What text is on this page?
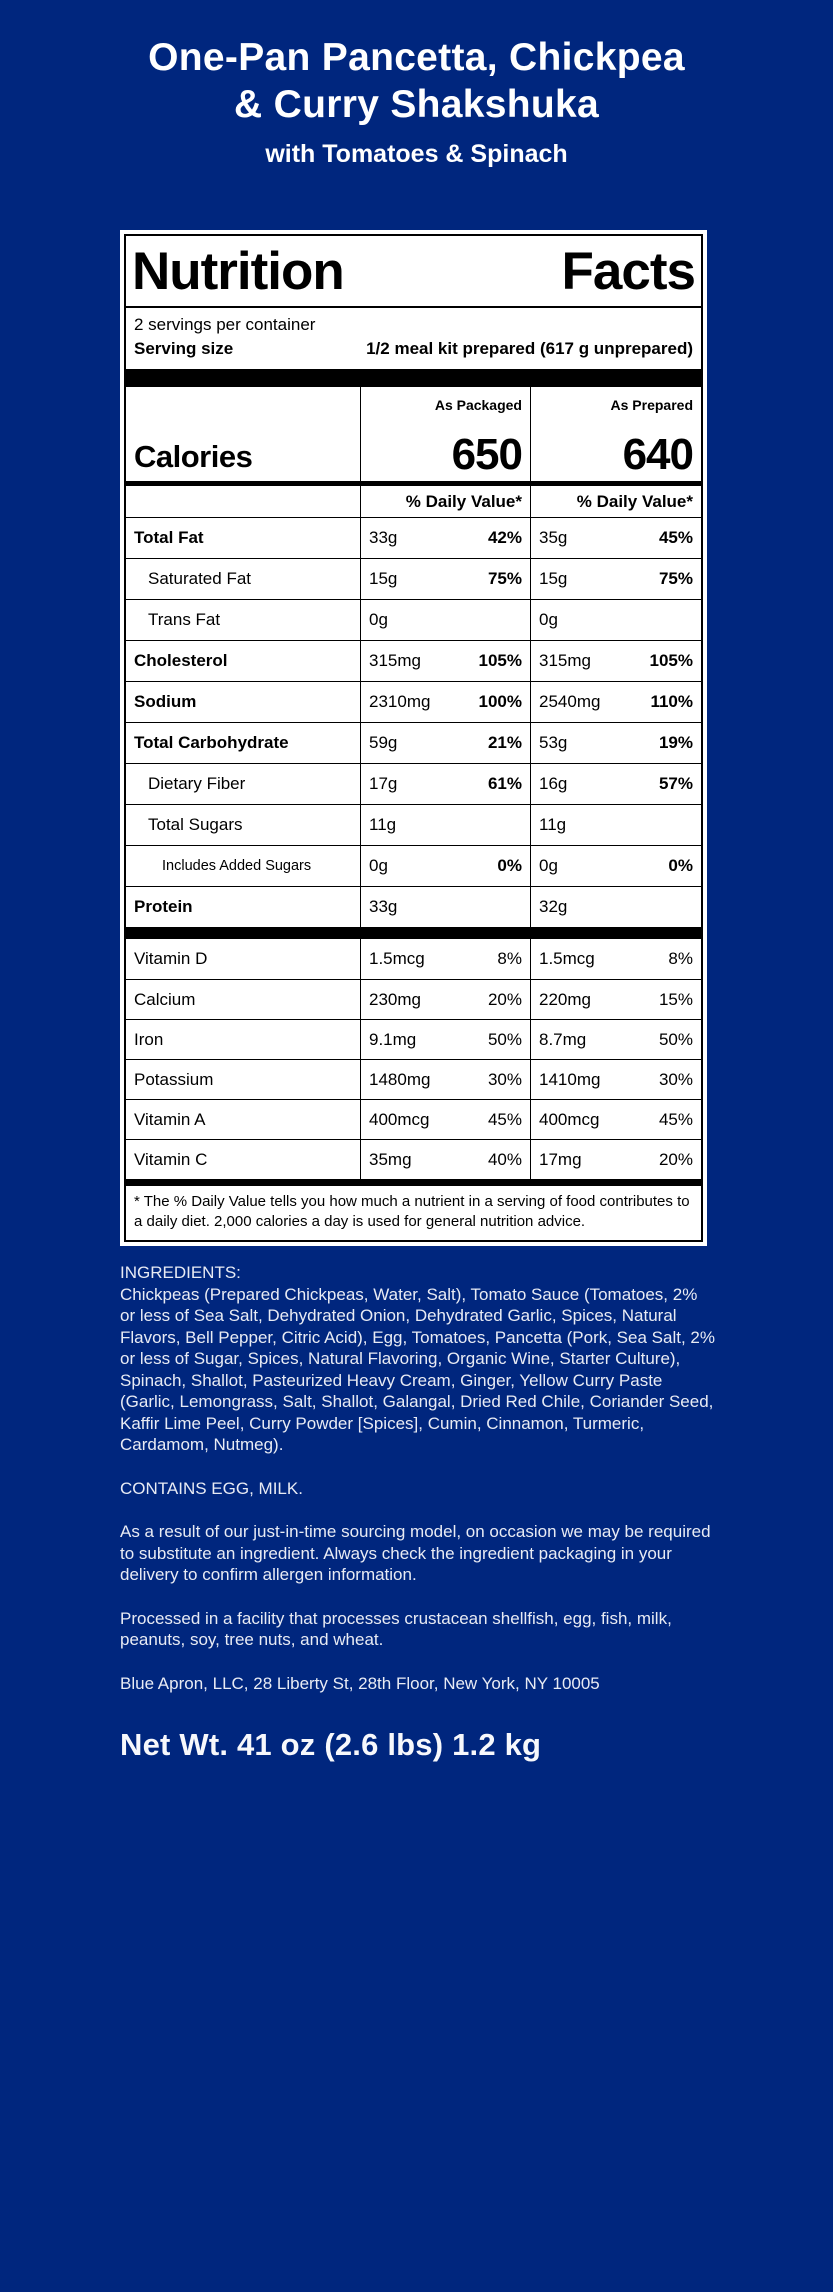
One-Pan Pancetta, Chickpea
& Curry Shakshuka
with Tomatoes & Spinach
Nutrition	Facts
2 servings per container
Serving size	1/2 meal kit prepared (617 g unprepared)
As Packaged	As Prepared
Calories	650	640
% Daily Value*	% Daily Value*
Total Fat	33g	42% 35g	45%
Saturated Fat	15g	75% 15g	75%
Trans Fat	0g	0g
Cholesterol	315mg	105% 315mg	105%
Sodium	2310mg	100% 2540mg	110%
Total Carbohydrate	59g	21% 53g	19%
Dietary Fiber	17g	61% 16g	57%
Total Sugars	11g	11g
Includes Added Sugars	0g	0% 0g	0%
Protein	33g	32g
Vitamin D	1.5mcg	8% 1.5mcg	8%
Calcium	230mg	20% 220mg	15%
Iron	9.1mg	50% 8.7mg	50%
Potassium	1480mg	30% 1410mg	30%
Vitamin A	400mcg	45% 400mcg	45%
Vitamin C	35mg	40% 17mg	20%
* The % Daily Value tells you how much a nutrient in a serving of food contributes to a daily diet. 2,000 calories a day is used for general nutrition advice.

INGREDIENTS:

Chickpeas (Prepared Chickpeas, Water, Salt), Tomato Sauce (Tomatoes, 2% or less of Sea Salt, Dehydrated Onion, Dehydrated Garlic, Spices, Natural Flavors, Bell Pepper, Citric Acid), Egg, Tomatoes, Pancetta (Pork, Sea Salt, 2% or less of Sugar, Spices, Natural Flavoring, Organic Wine, Starter Culture), Spinach, Shallot, Pasteurized Heavy Cream, Ginger, Yellow Curry Paste (Garlic, Lemongrass, Salt, Shallot, Galangal, Dried Red Chile, Coriander Seed, Kaffir Lime Peel, Curry Powder [Spices], Cumin, Cinnamon, Turmeric, Cardamom, Nutmeg).

CONTAINS EGG, MILK.

As a result of our just-in-time sourcing model, on occasion we may be required to substitute an ingredient. Always check the ingredient packaging in your delivery to confirm allergen information.

Processed in a facility that processes crustacean shellfish, egg, fish, milk, peanuts, soy, tree nuts, and wheat.

Blue Apron, LLC, 28 Liberty St, 28th Floor, New York, NY 10005

Net Wt. 41 oz (2.6 lbs) 1.2 kg
